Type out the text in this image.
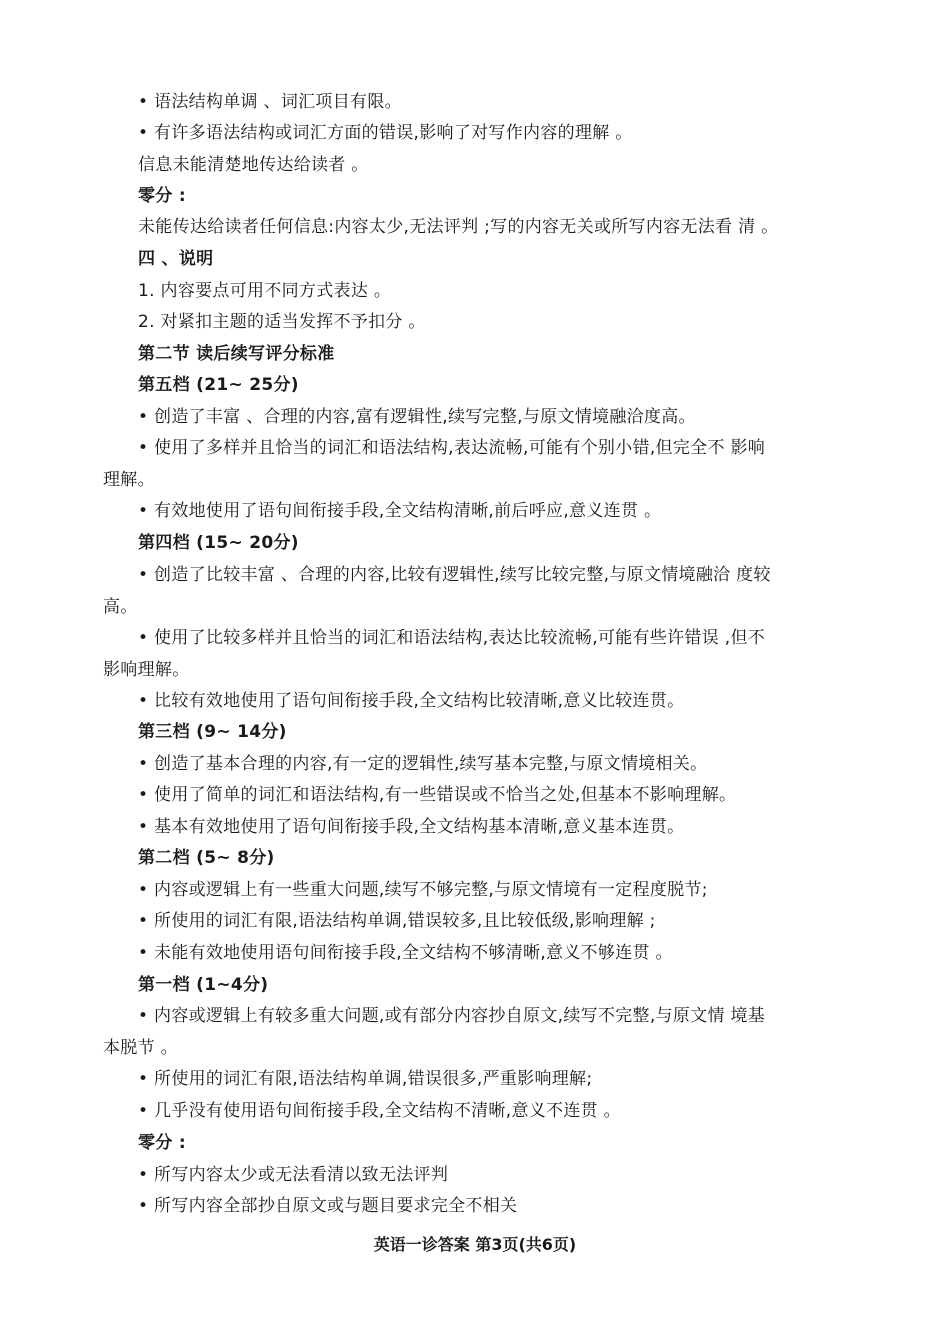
• 语法结构单调 、词汇项目有限。
• 有许多语法结构或词汇方面的错误,影响了对写作内容的理解 。
信息未能清楚地传达给读者 。
零分 :
未能传达给读者任何信息:内容太少,无法评判 ;写的内容无关或所写内容无法看 清 。
四 、说明
1. 内容要点可用不同方式表达 。
2. 对紧扣主题的适当发挥不予扣分 。
第二节 读后续写评分标准
第五档 (21~ 25分)
• 创造了丰富 、合理的内容,富有逻辑性,续写完整,与原文情境融洽度高。
• 使用了多样并且恰当的词汇和语法结构,表达流畅,可能有个别小错,但完全不 影响
理解。
• 有效地使用了语句间衔接手段,全文结构清晰,前后呼应,意义连贯 。
第四档 (15~ 20分)
• 创造了比较丰富 、合理的内容,比较有逻辑性,续写比较完整,与原文情境融洽 度较
高。
• 使用了比较多样并且恰当的词汇和语法结构,表达比较流畅,可能有些许错误 ,但不
影响理解。
• 比较有效地使用了语句间衔接手段,全文结构比较清晰,意义比较连贯。
第三档 (9~ 14分)
• 创造了基本合理的内容,有一定的逻辑性,续写基本完整,与原文情境相关。
• 使用了简单的词汇和语法结构,有一些错误或不恰当之处,但基本不影响理解。
• 基本有效地使用了语句间衔接手段,全文结构基本清晰,意义基本连贯。
第二档 (5~ 8分)
• 内容或逻辑上有一些重大问题,续写不够完整,与原文情境有一定程度脱节;
• 所使用的词汇有限,语法结构单调,错误较多,且比较低级,影响理解 ;
• 未能有效地使用语句间衔接手段,全文结构不够清晰,意义不够连贯 。
第一档 (1~4分)
• 内容或逻辑上有较多重大问题,或有部分内容抄自原文,续写不完整,与原文情 境基
本脱节 。
• 所使用的词汇有限,语法结构单调,错误很多,严重影响理解;
• 几乎没有使用语句间衔接手段,全文结构不清晰,意义不连贯 。
零分 :
• 所写内容太少或无法看清以致无法评判
• 所写内容全部抄自原文或与题目要求完全不相关
英语一诊答案 第3页(共6页)
